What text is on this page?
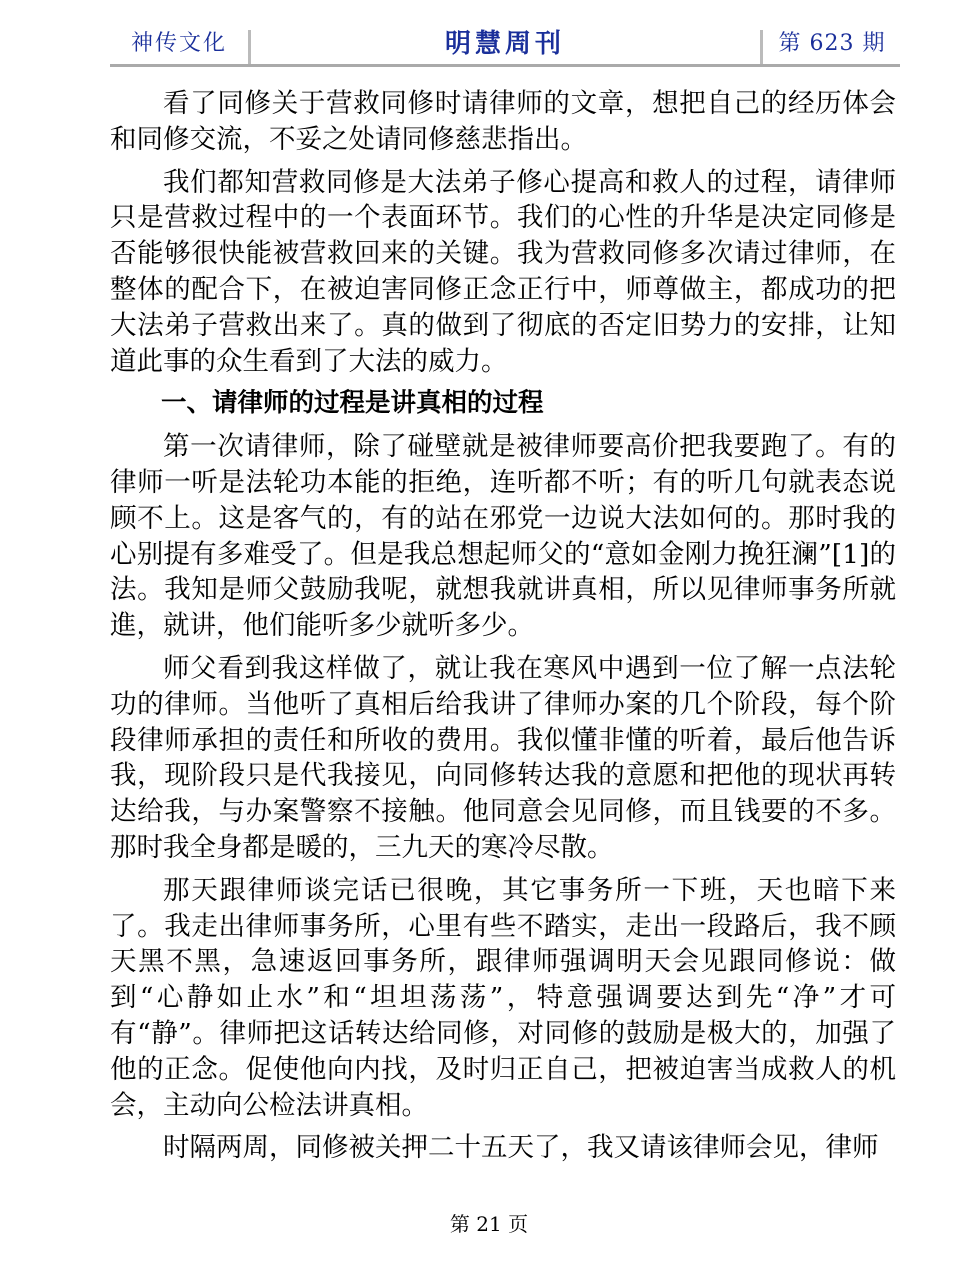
神传文化	明慧周刊	第 623 期

看了同修关于营救同修时请律师的文章，想把自己的经历体会和同修交流，不妥之处请同修慈悲指出。

我们都知营救同修是大法弟子修心提高和救人的过程，请律师只是营救过程中的一个表面环节。我们的心性的升华是决定同修是否能够很快能被营救回来的关键。我为营救同修多次请过律师，在整体的配合下，在被迫害同修正念正行中，师尊做主，都成功的把大法弟子营救出来了。真的做到了彻底的否定旧势力的安排，让知道此事的众生看到了大法的威力。

一、请律师的过程是讲真相的过程

第一次请律师，除了碰壁就是被律师要高价把我要跑了。有的律师一听是法轮功本能的拒绝，连听都不听；有的听几句就表态说顾不上。这是客气的，有的站在邪党一边说大法如何的。那时我的心别提有多难受了。但是我总想起师父的“意如金刚力挽狂澜”[1]的法。我知是师父鼓励我呢，就想我就讲真相，所以见律师事务所就進，就讲，他们能听多少就听多少。

师父看到我这样做了，就让我在寒风中遇到一位了解一点法轮功的律师。当他听了真相后给我讲了律师办案的几个阶段，每个阶段律师承担的责任和所收的费用。我似懂非懂的听着，最后他告诉我，现阶段只是代我接见，向同修转达我的意愿和把他的现状再转达给我，与办案警察不接触。他同意会见同修，而且钱要的不多。那时我全身都是暖的，三九天的寒冷尽散。

那天跟律师谈完话已很晚，其它事务所一下班，天也暗下来了。我走出律师事务所，心里有些不踏实，走出一段路后，我不顾天黑不黑，急速返回事务所，跟律师强调明天会见跟同修说：做到“心静如止水”和“坦坦荡荡”，特意强调要达到先“净”才可有“静”。律师把这话转达给同修，对同修的鼓励是极大的，加强了他的正念。促使他向内找，及时归正自己，把被迫害当成救人的机会，主动向公检法讲真相。

时隔两周，同修被关押二十五天了，我又请该律师会见，律师

第 21 页
